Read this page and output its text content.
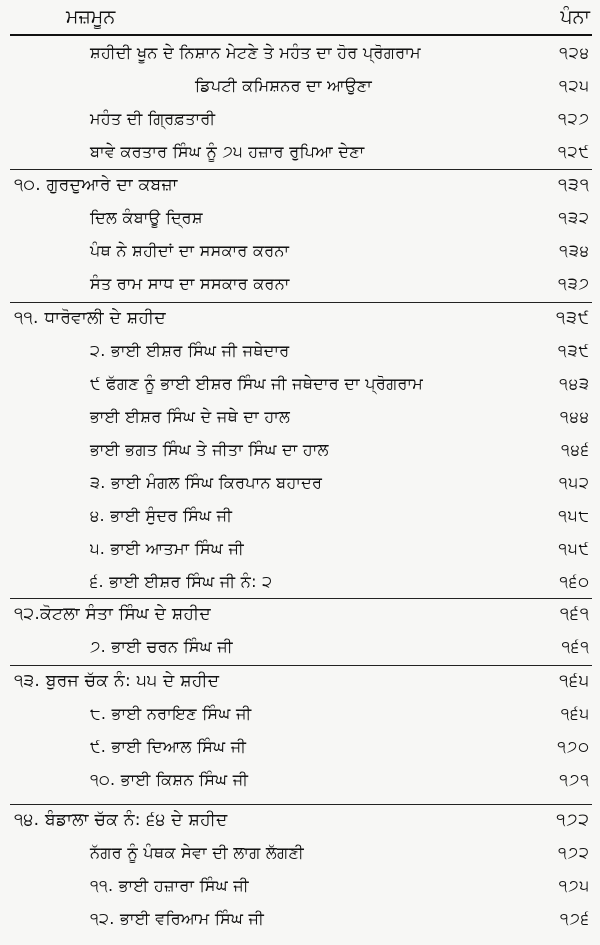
ਮਜ਼ਮੂਨ	ਪੰਨਾ
ਸ਼ਹੀਦੀ ਖੂਨ ਦੇ ਨਿਸ਼ਾਨ ਮੇਟਣੇ ਤੇ ਮਹੰਤ ਦਾ ਹੋਰ ਪ੍ਰੋਗਰਾਮ	੧੨੪
ਡਿਪਟੀ ਕਮਿਸ਼ਨਰ ਦਾ ਆਉਣਾ	੧੨੫
ਮਹੰਤ ਦੀ ਗ੍ਰਿਫ਼ਤਾਰੀ	੧੨੭
ਬਾਵੇ ਕਰਤਾਰ ਸਿੰਘ ਨੂੰ ੭੫ ਹਜ਼ਾਰ ਰੁਪਿਆ ਦੇਣਾ	੧੨੯
੧੦. ਗੁਰਦੁਆਰੇ ਦਾ ਕਬਜ਼ਾ	੧੩੧
ਦਿਲ ਕੰਬਾਊ ਦ੍ਰਿਸ਼	੧੩੨
ਪੰਥ ਨੇ ਸ਼ਹੀਦਾਂ ਦਾ ਸਸਕਾਰ ਕਰਨਾ	੧੩੪
ਸੰਤ ਰਾਮ ਸਾਧ ਦਾ ਸਸਕਾਰ ਕਰਨਾ	੧੩੭
੧੧. ਧਾਰੋਵਾਲੀ ਦੇ ਸ਼ਹੀਦ	੧੩੯
੨. ਭਾਈ ਈਸ਼ਰ ਸਿੰਘ ਜੀ ਜਥੇਦਾਰ	੧੩੯
੯ ਫੱਗਣ ਨੂੰ ਭਾਈ ਈਸ਼ਰ ਸਿੰਘ ਜੀ ਜਥੇਦਾਰ ਦਾ ਪ੍ਰੋਗਰਾਮ	੧੪੩
ਭਾਈ ਈਸ਼ਰ ਸਿੰਘ ਦੇ ਜਥੇ ਦਾ ਹਾਲ	੧੪੪
ਭਾਈ ਭਗਤ ਸਿੰਘ ਤੇ ਜੀਤਾ ਸਿੰਘ ਦਾ ਹਾਲ	੧੪੬
੩. ਭਾਈ ਮੰਗਲ ਸਿੰਘ ਕਿਰਪਾਨ ਬਹਾਦਰ	੧੫੨
੪. ਭਾਈ ਸੁੰਦਰ ਸਿੰਘ ਜੀ	੧੫੮
੫. ਭਾਈ ਆਤਮਾ ਸਿੰਘ ਜੀ	੧੫੯
੬. ਭਾਈ ਈਸ਼ਰ ਸਿੰਘ ਜੀ ਨੰ: ੨	੧੬੦
੧੨.ਕੋਟਲਾ ਸੰਤਾ ਸਿੰਘ ਦੇ ਸ਼ਹੀਦ	੧੬੧
੭. ਭਾਈ ਚਰਨ ਸਿੰਘ ਜੀ	੧੬੧
੧੩. ਬੁਰਜ ਚੱਕ ਨੰ: ੫੫ ਦੇ ਸ਼ਹੀਦ	੧੬੫
੮. ਭਾਈ ਨਰਾਇਣ ਸਿੰਘ ਜੀ	੧੬੫
੯. ਭਾਈ ਦਿਆਲ ਸਿੰਘ ਜੀ	੧੭੦
੧੦. ਭਾਈ ਕਿਸ਼ਨ ਸਿੰਘ ਜੀ	੧੭੧
੧੪. ਬੰਡਾਲਾ ਚੱਕ ਨੰ: ੬੪ ਦੇ ਸ਼ਹੀਦ	੧੭੨
ਨੱਗਰ ਨੂੰ ਪੰਥਕ ਸੇਵਾ ਦੀ ਲਾਗ ਲੱਗਣੀ	੧੭੨
੧੧. ਭਾਈ ਹਜ਼ਾਰਾ ਸਿੰਘ ਜੀ	੧੭੫
੧੨. ਭਾਈ ਵਰਿਆਮ ਸਿੰਘ ਜੀ	੧੭੬
